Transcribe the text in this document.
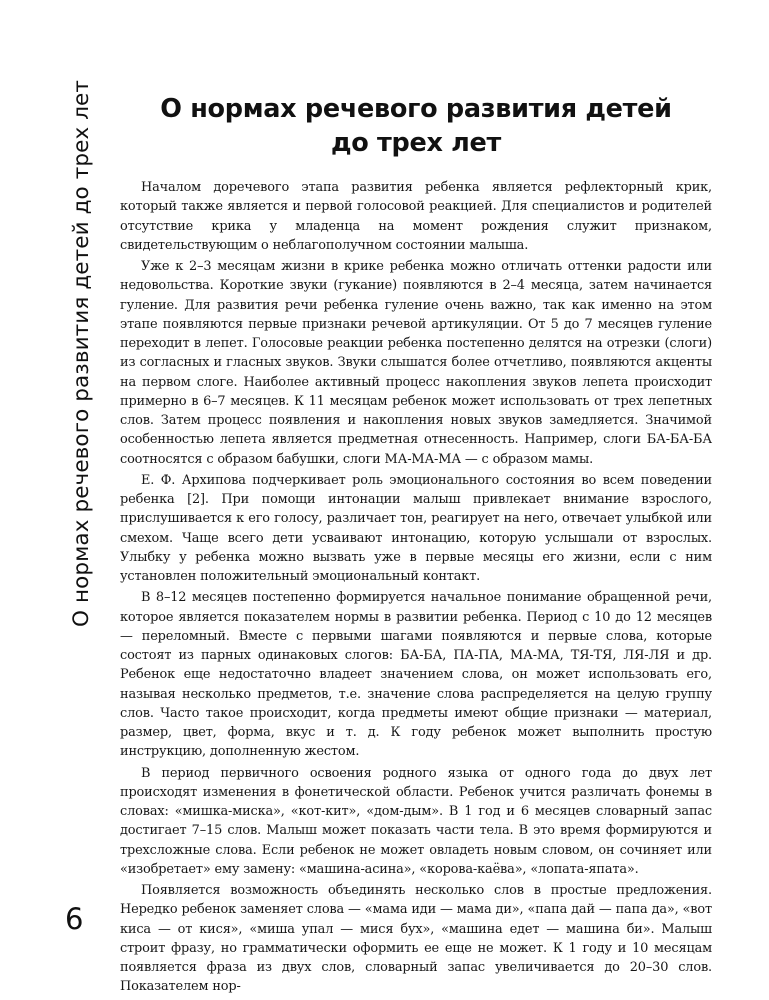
О нормах речевого развития детей до трех лет	О нормах речевого развития детей
до трех лет

Началом доречевого этапа развития ребенка является рефлекторный крик, который также является и первой голосовой реакцией. Для специалистов и родителей отсутствие крика у младенца на момент рождения служит признаком, свидетельствующим о неблагополучном состоянии малыша.

Уже к 2–3 месяцам жизни в крике ребенка можно отличать оттенки радости или недовольства. Короткие звуки (гукание) появляются в 2–4 месяца, затем начинается гуление. Для развития речи ребенка гуление очень важно, так как именно на этом этапе появляются первые признаки речевой артикуляции. От 5 до 7 месяцев гуление переходит в лепет. Голосовые реакции ребенка постепенно делятся на отрезки (слоги) из согласных и гласных звуков. Звуки слышатся более отчетливо, появляются акценты на первом слоге. Наиболее активный процесс накопления звуков лепета происходит примерно в 6–7 месяцев. К 11 месяцам ребенок может использовать от трех лепетных слов. Затем процесс появления и накопления новых звуков замедляется. Значимой особенностью лепета является предметная отнесенность. Например, слоги БА-БА-БА соотносятся с образом бабушки, слоги МА-МА-МА — с образом мамы.

Е. Ф. Архипова подчеркивает роль эмоционального состояния во всем поведении ребенка [2]. При помощи интонации малыш привлекает внимание взрослого, прислушивается к его голосу, различает тон, реагирует на него, отвечает улыбкой или смехом. Чаще всего дети усваивают интонацию, которую услышали от взрослых. Улыбку у ребенка можно вызвать уже в первые месяцы его жизни, если с ним установлен положительный эмоциональный контакт.

В 8–12 месяцев постепенно формируется начальное понимание обращенной речи, которое является показателем нормы в развитии ребенка. Период с 10 до 12 месяцев — переломный. Вместе с первыми шагами появляются и первые слова, которые состоят из парных одинаковых слогов: БА-БА, ПА-ПА, МА-МА, ТЯ-ТЯ, ЛЯ-ЛЯ и др. Ребенок еще недостаточно владеет значением слова, он может использовать его, называя несколько предметов, т.е. значение слова распределяется на целую группу слов. Часто такое происходит, когда предметы имеют общие признаки — материал, размер, цвет, форма, вкус и т. д. К году ребенок может выполнить простую инструкцию, дополненную жестом.

В период первичного освоения родного языка от одного года до двух лет происходят изменения в фонетической области. Ребенок учится различать фонемы в словах: «мишка-миска», «кот-кит», «дом-дым». В 1 год и 6 месяцев словарный запас достигает 7–15 слов. Малыш может показать части тела. В это время формируются и трехсложные слова. Если ребенок не может овладеть новым словом, он сочиняет или «изобретает» ему замену: «машина-асина», «корова-каёва», «лопата-япата».

Появляется возможность объединять несколько слов в простые предложения. Нередко ребенок заменяет слова — «мама иди — мама ди», «папа дай — папа да», «вот киса — от кися», «миша упал — мися бух», «машина едет — машина би». Малыш строит фразу, но грамматически оформить ее еще не может. К 1 году и 10 месяцам появляется фраза из двух слов, словарный запас увеличивается до 20–30 слов. Показателем нор-

6
